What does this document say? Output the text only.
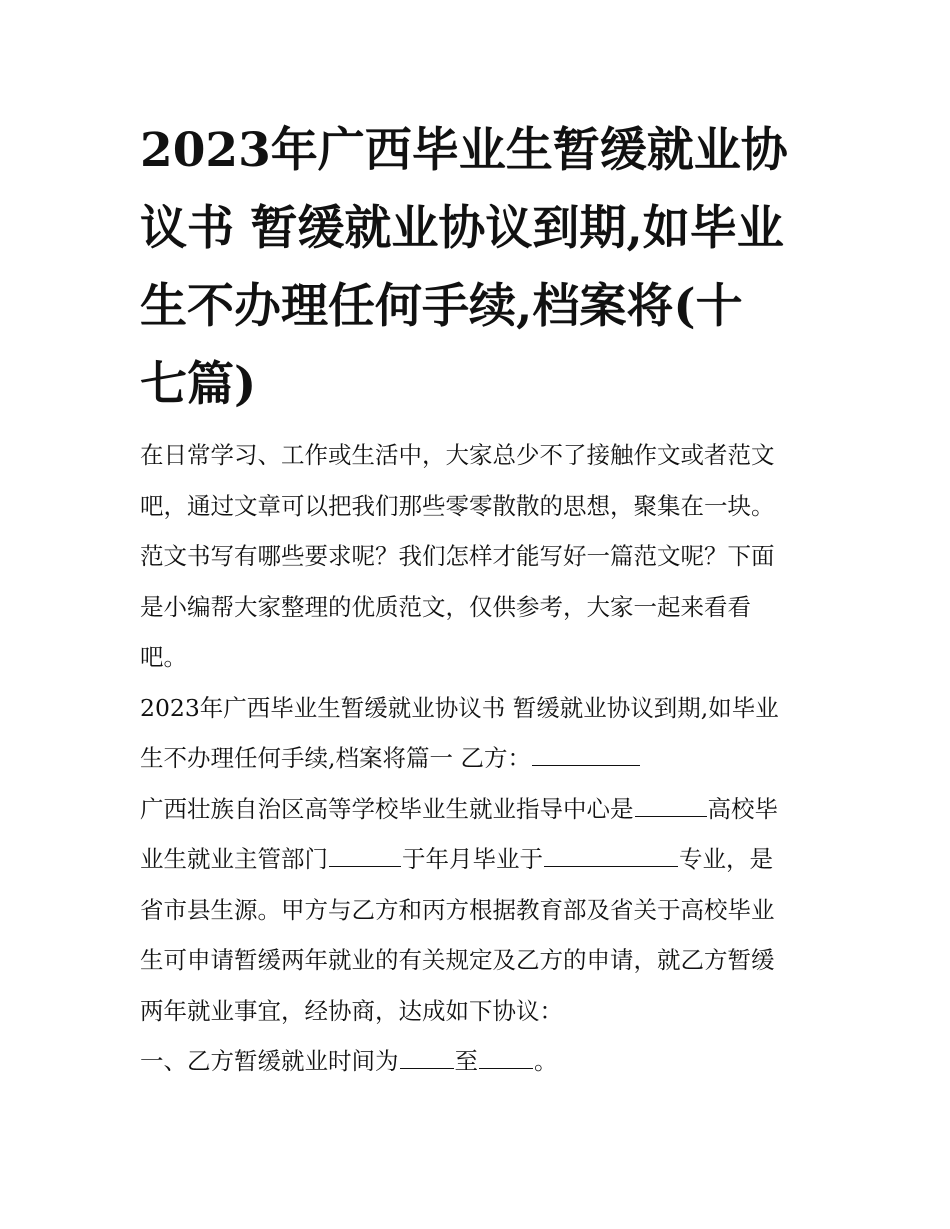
2023年广西毕业生暂缓就业协
议书 暂缓就业协议到期,如毕业
生不办理任何手续,档案将(十
七篇)
在日常学习、工作或生活中，大家总少不了接触作文或者范文
吧，通过文章可以把我们那些零零散散的思想，聚集在一块。
范文书写有哪些要求呢？我们怎样才能写好一篇范文呢？下面
是小编帮大家整理的优质范文，仅供参考，大家一起来看看
吧。
2023年广西毕业生暂缓就业协议书 暂缓就业协议到期,如毕业
生不办理任何手续,档案将篇一 乙方：
广西壮族自治区高等学校毕业生就业指导中心是	高校毕
业生就业主管部门	于年月毕业于	专业，是
省市县生源。甲方与乙方和丙方根据教育部及省关于高校毕业
生可申请暂缓两年就业的有关规定及乙方的申请，就乙方暂缓
两年就业事宜，经协商，达成如下协议：
一、乙方暂缓就业时间为 至 。
